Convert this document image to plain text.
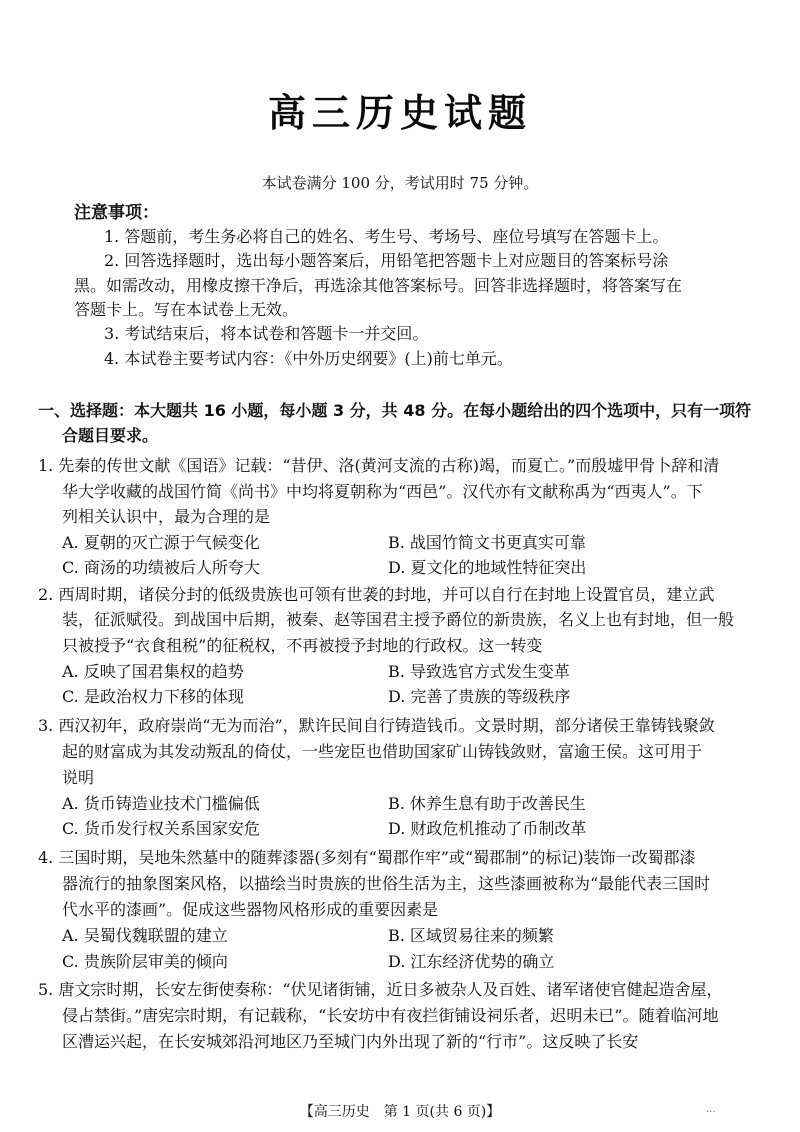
高三历史试题
本试卷满分 100 分，考试用时 75 分钟。
注意事项：
1. 答题前，考生务必将自己的姓名、考生号、考场号、座位号填写在答题卡上。
2. 回答选择题时，选出每小题答案后，用铅笔把答题卡上对应题目的答案标号涂
黑。如需改动，用橡皮擦干净后，再选涂其他答案标号。回答非选择题时，将答案写在
答题卡上。写在本试卷上无效。
3. 考试结束后，将本试卷和答题卡一并交回。
4. 本试卷主要考试内容：《中外历史纲要》(上)前七单元。
一、选择题：本大题共 16 小题，每小题 3 分，共 48 分。在每小题给出的四个选项中，只有一项符
合题目要求。
1. 先秦的传世文献《国语》记载：“昔伊、洛(黄河支流的古称)竭，而夏亡。”而殷墟甲骨卜辞和清
华大学收藏的战国竹简《尚书》中均将夏朝称为“西邑”。汉代亦有文献称禹为“西夷人”。下
列相关认识中，最为合理的是
A. 夏朝的灭亡源于气候变化	B. 战国竹简文书更真实可靠
C. 商汤的功绩被后人所夸大	D. 夏文化的地域性特征突出
2. 西周时期，诸侯分封的低级贵族也可领有世袭的封地，并可以自行在封地上设置官员，建立武
装，征派赋役。到战国中后期，被秦、赵等国君主授予爵位的新贵族，名义上也有封地，但一般
只被授予“衣食租税”的征税权，不再被授予封地的行政权。这一转变
A. 反映了国君集权的趋势	B. 导致选官方式发生变革
C. 是政治权力下移的体现	D. 完善了贵族的等级秩序
3. 西汉初年，政府崇尚“无为而治”，默许民间自行铸造钱币。文景时期，部分诸侯王靠铸钱聚敛
起的财富成为其发动叛乱的倚仗，一些宠臣也借助国家矿山铸钱敛财，富逾王侯。这可用于
说明
A. 货币铸造业技术门槛偏低	B. 休养生息有助于改善民生
C. 货币发行权关系国家安危	D. 财政危机推动了币制改革
4. 三国时期，吴地朱然墓中的随葬漆器(多刻有“蜀郡作牢”或“蜀郡制”的标记)装饰一改蜀郡漆
器流行的抽象图案风格，以描绘当时贵族的世俗生活为主，这些漆画被称为“最能代表三国时
代水平的漆画”。促成这些器物风格形成的重要因素是
A. 吴蜀伐魏联盟的建立	B. 区域贸易往来的频繁
C. 贵族阶层审美的倾向	D. 江东经济优势的确立
5. 唐文宗时期，长安左街使奏称：“伏见诸街铺，近日多被杂人及百姓、诸军诸使官健起造舍屋，
侵占禁街。”唐宪宗时期，有记载称，“长安坊中有夜拦街铺设祠乐者，迟明未已”。随着临河地
区漕运兴起，在长安城郊沿河地区乃至城门内外出现了新的“行市”。这反映了长安
【高三历史　第 1 页(共 6 页)】	...
